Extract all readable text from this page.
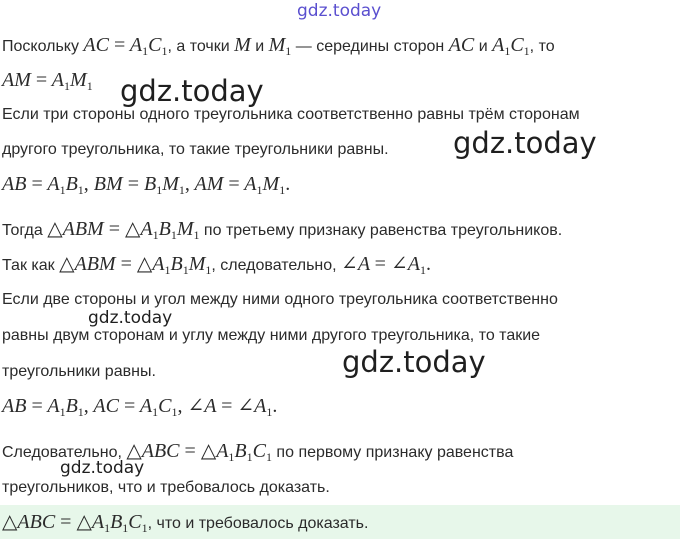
gdz.today
gdz.today
gdz.today
gdz.today
gdz.today
gdz.today
Поскольку AC = $A_1C_1$, а точки M и $M_1$ — середины сторон AC и $A_1C_1$, то
AM = $A_1M_1$
Если три стороны одного треугольника соответственно равны трём сторонам
другого треугольника, то такие треугольники равны.
AB = $A_1B_1$, BM = $B_1M_1$, AM = $A_1M_1$.
Тогда △ABM = $\triangle A_1B_1M_1$ по третьему признаку равенства треугольников.
Так как △ABM = $\triangle A_1B_1M_1$, следовательно, ∠A = $\angle A_1$.
Если две стороны и угол между ними одного треугольника соответственно
равны двум сторонам и углу между ними другого треугольника, то такие
треугольники равны.
AB = $A_1B_1$, AC = $A_1C_1$, ∠A = $\angle A_1$.
Следовательно, △ABC = $\triangle A_1B_1C_1$ по первому признаку равенства
треугольников, что и требовалось доказать.
△ABC = $\triangle A_1B_1C_1$, что и требовалось доказать.
